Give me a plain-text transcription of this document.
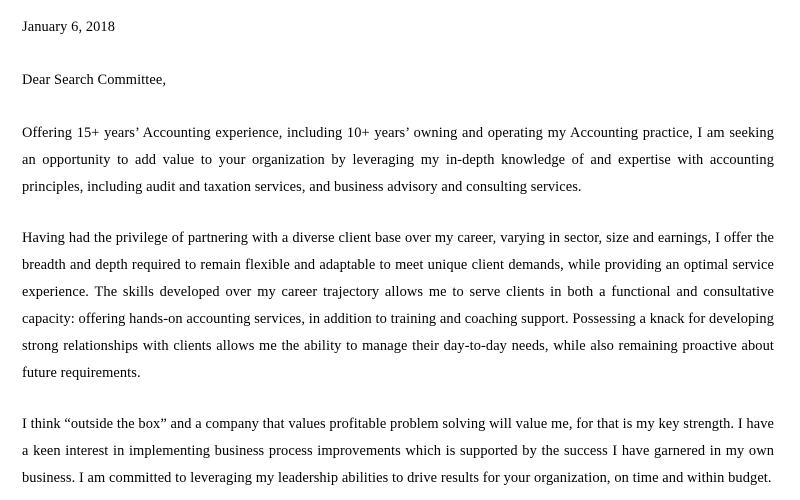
January 6, 2018

Dear Search Committee,

Offering 15+ years’ Accounting experience, including 10+ years’ owning and operating my Accounting practice, I am seeking an opportunity to add value to your organization by leveraging my in-depth knowledge of and expertise with accounting principles, including audit and taxation services, and business advisory and consulting services.

Having had the privilege of partnering with a diverse client base over my career, varying in sector, size and earnings, I offer the breadth and depth required to remain flexible and adaptable to meet unique client demands, while providing an optimal service experience. The skills developed over my career trajectory allows me to serve clients in both a functional and consultative capacity: offering hands-on accounting services, in addition to training and coaching support. Possessing a knack for developing strong relationships with clients allows me the ability to manage their day-to-day needs, while also remaining proactive about future requirements.

I think “outside the box” and a company that values profitable problem solving will value me, for that is my key strength. I have a keen interest in implementing business process improvements which is supported by the success I have garnered in my own business. I am committed to leveraging my leadership abilities to drive results for your organization, on time and within budget.
